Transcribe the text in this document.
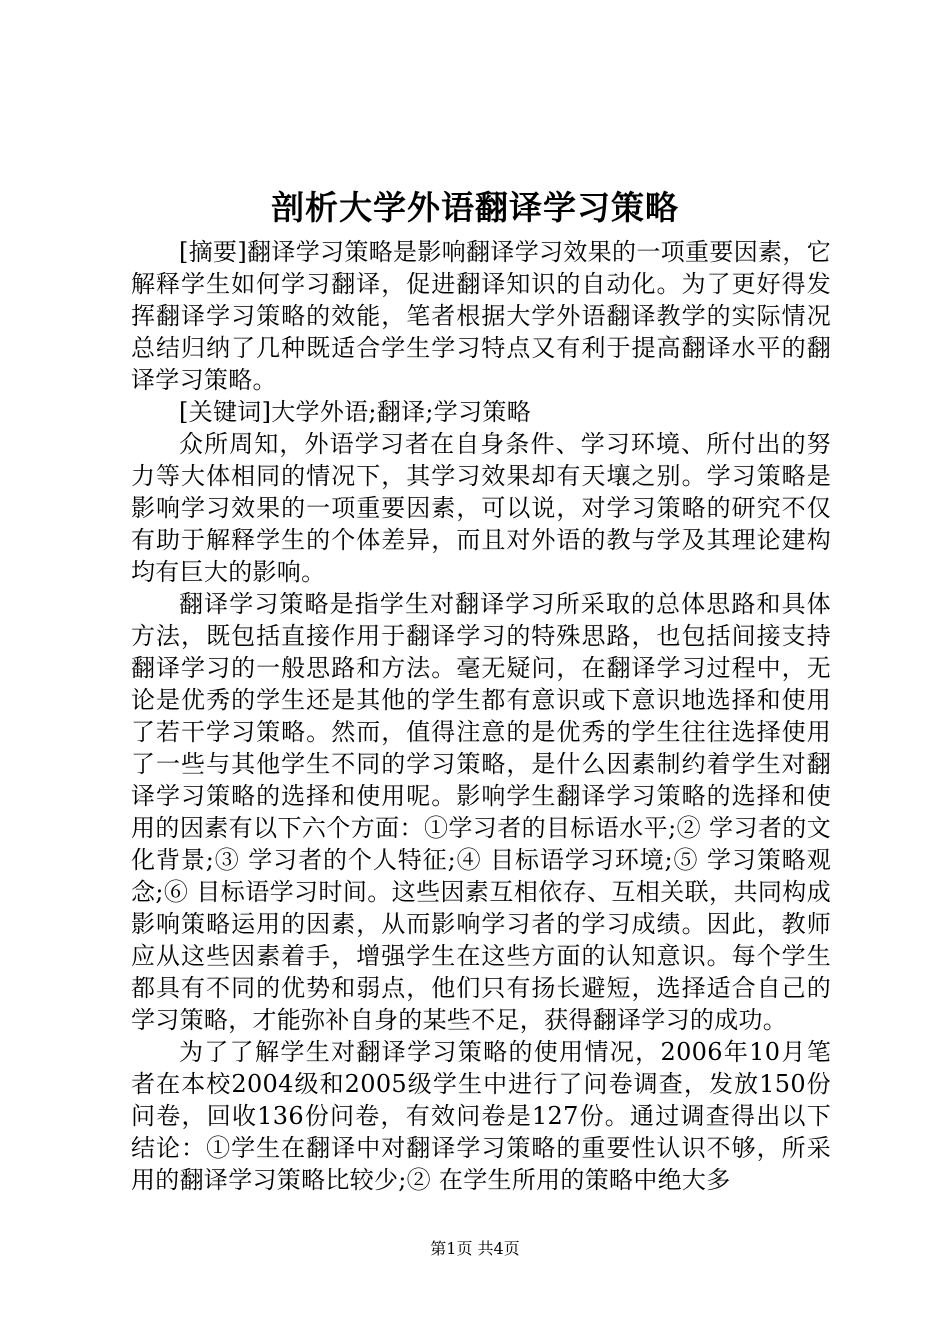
剖析大学外语翻译学习策略

[摘要]翻译学习策略是影响翻译学习效果的一项重要因素，它解释学生如何学习翻译，促进翻译知识的自动化。为了更好得发挥翻译学习策略的效能，笔者根据大学外语翻译教学的实际情况总结归纳了几种既适合学生学习特点又有利于提高翻译水平的翻译学习策略。

[关键词]大学外语;翻译;学习策略

众所周知，外语学习者在自身条件、学习环境、所付出的努力等大体相同的情况下，其学习效果却有天壤之别。学习策略是影响学习效果的一项重要因素，可以说，对学习策略的研究不仅有助于解释学生的个体差异，而且对外语的教与学及其理论建构均有巨大的影响。

翻译学习策略是指学生对翻译学习所采取的总体思路和具体方法，既包括直接作用于翻译学习的特殊思路，也包括间接支持翻译学习的一般思路和方法。毫无疑问，在翻译学习过程中，无论是优秀的学生还是其他的学生都有意识或下意识地选择和使用了若干学习策略。然而，值得注意的是优秀的学生往往选择使用了一些与其他学生不同的学习策略，是什么因素制约着学生对翻译学习策略的选择和使用呢。影响学生翻译学习策略的选择和使用的因素有以下六个方面：①学习者的目标语水平;② 学习者的文化背景;③ 学习者的个人特征;④ 目标语学习环境;⑤ 学习策略观念;⑥ 目标语学习时间。这些因素互相依存、互相关联，共同构成影响策略运用的因素，从而影响学习者的学习成绩。因此，教师应从这些因素着手，增强学生在这些方面的认知意识。每个学生都具有不同的优势和弱点，他们只有扬长避短，选择适合自己的学习策略，才能弥补自身的某些不足，获得翻译学习的成功。

为了了解学生对翻译学习策略的使用情况，2006年10月笔者在本校2004级和2005级学生中进行了问卷调查，发放150份问卷，回收136份问卷，有效问卷是127份。通过调查得出以下结论：①学生在翻译中对翻译学习策略的重要性认识不够，所采用的翻译学习策略比较少;② 在学生所用的策略中绝大多

第1页 共4页
